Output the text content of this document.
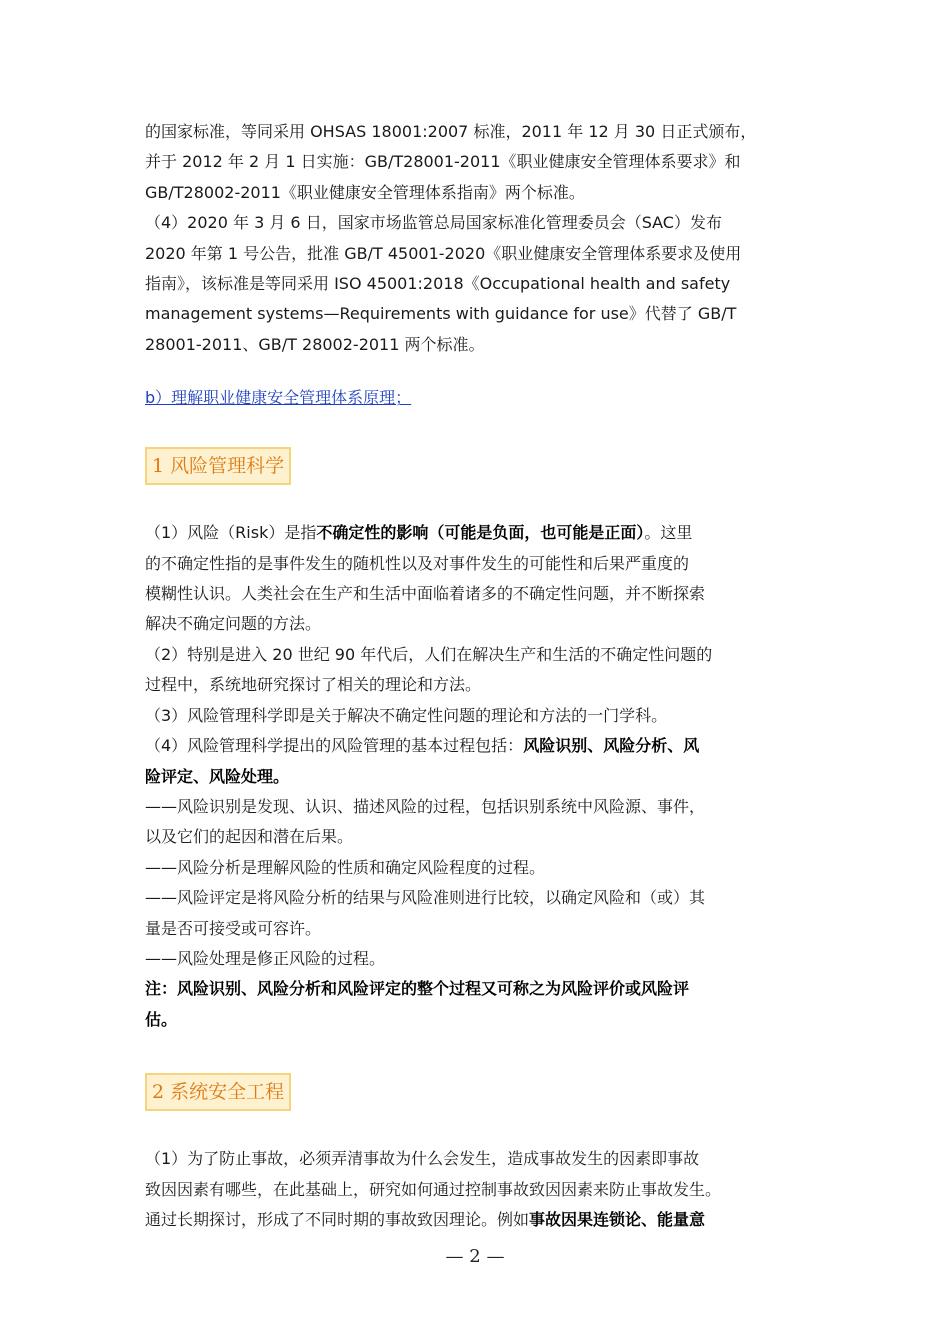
的国家标准，等同采用 OHSAS 18001:2007 标准，2011 年 12 月 30 日正式颁布，

并于 2012 年 2 月 1 日实施：GB/T28001-2011《职业健康安全管理体系要求》和

GB/T28002-2011《职业健康安全管理体系指南》两个标准。

（4）2020 年 3 月 6 日，国家市场监管总局国家标准化管理委员会（SAC）发布

2020 年第 1 号公告，批准 GB/T 45001-2020《职业健康安全管理体系要求及使用

指南》，该标准是等同采用 ISO 45001:2018《Occupational health and safety

management systems—Requirements with guidance for use》代替了 GB/T

28001-2011、GB/T 28002-2011 两个标准。

b）理解职业健康安全管理体系原理；

1 风险管理科学

（1）风险（Risk）是指不确定性的影响（可能是负面，也可能是正面）。这里

的不确定性指的是事件发生的随机性以及对事件发生的可能性和后果严重度的

模糊性认识。人类社会在生产和生活中面临着诸多的不确定性问题，并不断探索

解决不确定问题的方法。

（2）特别是进入 20 世纪 90 年代后，人们在解决生产和生活的不确定性问题的

过程中，系统地研究探讨了相关的理论和方法。

（3）风险管理科学即是关于解决不确定性问题的理论和方法的一门学科。

（4）风险管理科学提出的风险管理的基本过程包括：风险识别、风险分析、风

险评定、风险处理。

——风险识别是发现、认识、描述风险的过程，包括识别系统中风险源、事件，

以及它们的起因和潜在后果。

——风险分析是理解风险的性质和确定风险程度的过程。

——风险评定是将风险分析的结果与风险准则进行比较，以确定风险和（或）其

量是否可接受或可容许。

——风险处理是修正风险的过程。

注：风险识别、风险分析和风险评定的整个过程又可称之为风险评价或风险评

估。

2 系统安全工程

（1）为了防止事故，必须弄清事故为什么会发生，造成事故发生的因素即事故

致因因素有哪些，在此基础上，研究如何通过控制事故致因因素来防止事故发生。

通过长期探讨，形成了不同时期的事故致因理论。例如事故因果连锁论、能量意

— 2 —
